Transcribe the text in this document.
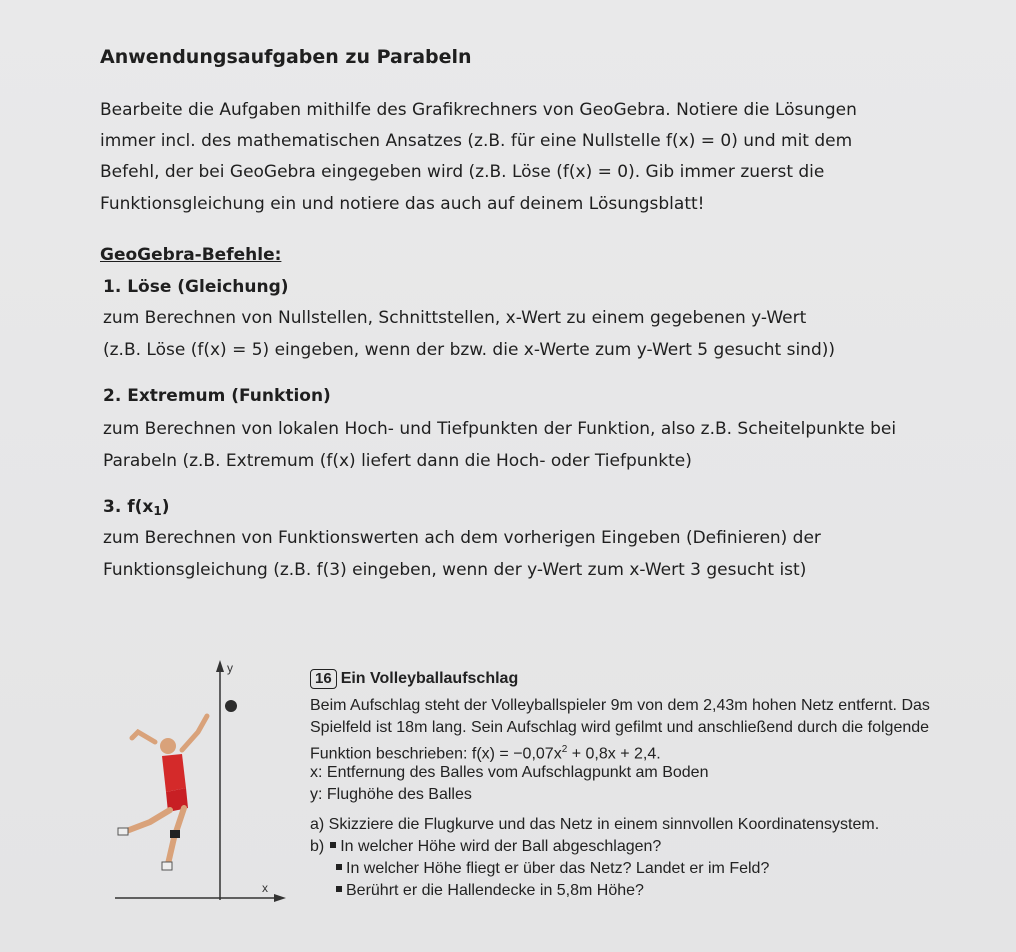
Anwendungsaufgaben zu Parabeln
Bearbeite die Aufgaben mithilfe des Grafikrechners von GeoGebra. Notiere die Lösungen
immer incl. des mathematischen Ansatzes (z.B. für eine Nullstelle f(x) = 0) und mit dem
Befehl, der bei GeoGebra eingegeben wird (z.B. Löse (f(x) = 0). Gib immer zuerst die
Funktionsgleichung ein und notiere das auch auf deinem Lösungsblatt!
GeoGebra-Befehle:
1. Löse (Gleichung)
zum Berechnen von Nullstellen, Schnittstellen, x-Wert zu einem gegebenen y-Wert
(z.B. Löse (f(x) = 5) eingeben, wenn der bzw. die x-Werte zum y-Wert 5 gesucht sind))
2. Extremum (Funktion)
zum Berechnen von lokalen Hoch- und Tiefpunkten der Funktion, also z.B. Scheitelpunkte bei
Parabeln (z.B. Extremum (f(x) liefert dann die Hoch- oder Tiefpunkte)
3. $f(x_1)$
zum Berechnen von Funktionswerten ach dem vorherigen Eingeben (Definieren) der
Funktionsgleichung (z.B. f(3) eingeben, wenn der y-Wert zum x-Wert 3 gesucht ist)
16 Ein Volleyballaufschlag
Beim Aufschlag steht der Volleyballspieler 9m von dem 2,43m hohen Netz entfernt. Das
Spielfeld ist 18m lang. Sein Aufschlag wird gefilmt und anschließend durch die folgende
Funktion beschrieben: $f(x) = -0,07x^2 + 0,8x + 2,4$.
x: Entfernung des Balles vom Aufschlagpunkt am Boden
y: Flughöhe des Balles
a) Skizziere die Flugkurve und das Netz in einem sinnvollen Koordinatensystem.
b) In welcher Höhe wird der Ball abgeschlagen?
In welcher Höhe fliegt er über das Netz? Landet er im Feld?
Berührt er die Hallendecke in 5,8m Höhe?
y
x
